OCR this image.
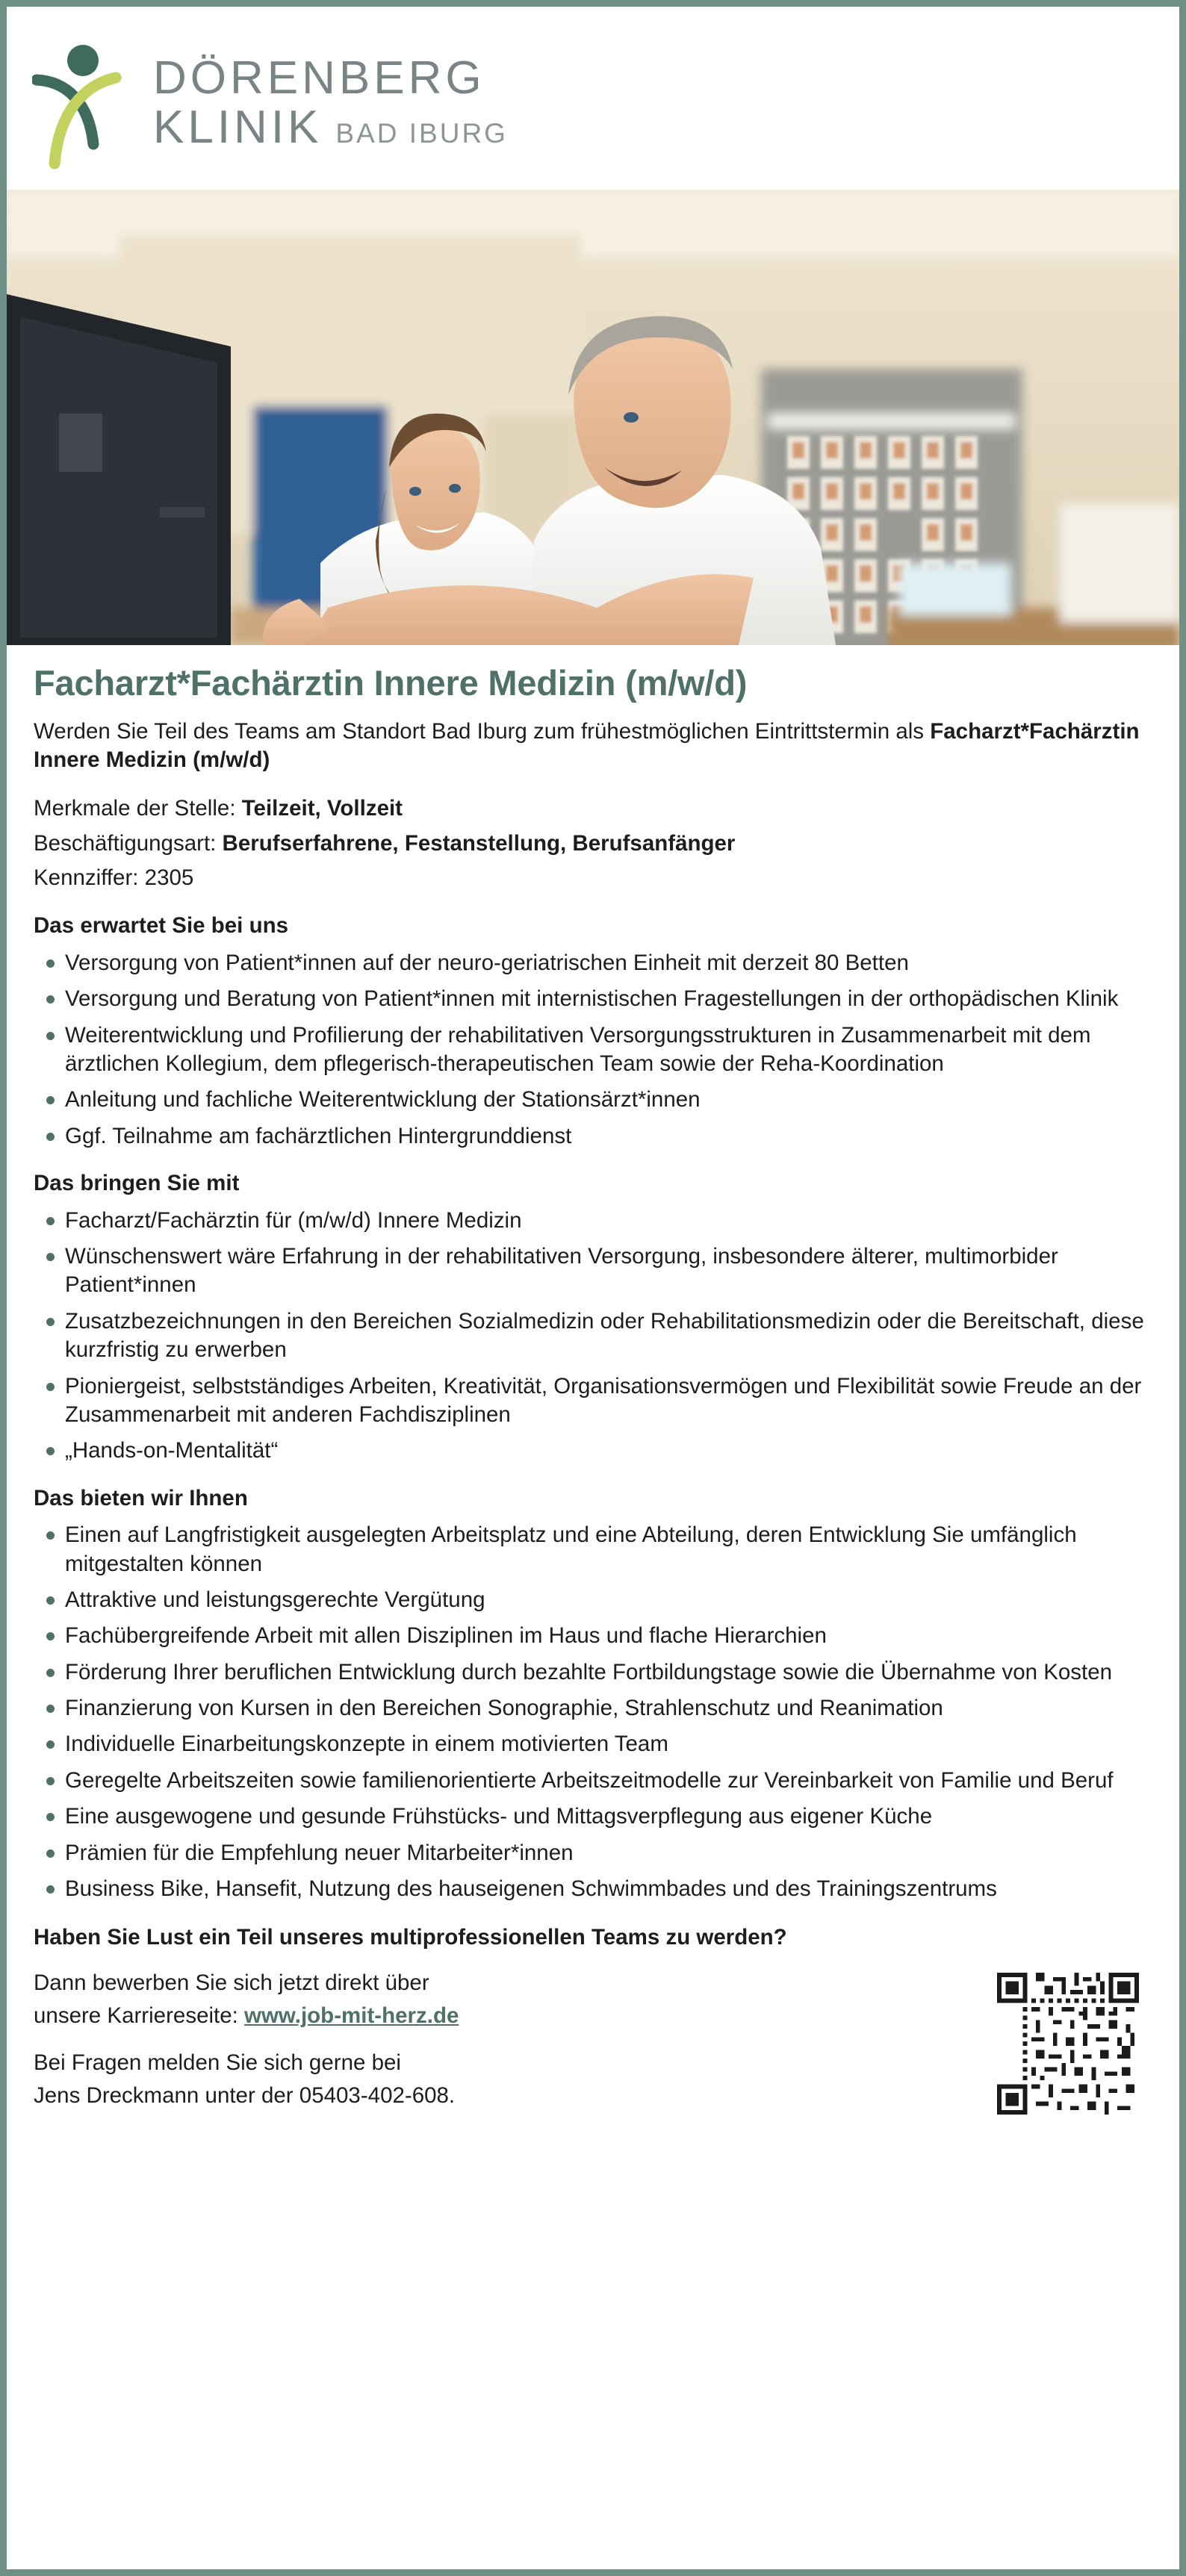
DÖRENBERG
KLINIK BAD IBURG
Facharzt*Fachärztin Innere Medizin (m/w/d)

Werden Sie Teil des Teams am Standort Bad Iburg zum frühestmöglichen Eintrittstermin als Facharzt*Fachärztin Innere Medizin (m/w/d)

Merkmale der Stelle: Teilzeit, Vollzeit

Beschäftigungsart: Berufserfahrene, Festanstellung, Berufsanfänger

Kennziffer: 2305

Das erwartet Sie bei uns
Versorgung von Patient*innen auf der neuro-geriatrischen Einheit mit derzeit 80 Betten
Versorgung und Beratung von Patient*innen mit internistischen Fragestellungen in der orthopädischen Klinik
Weiterentwicklung und Profilierung der rehabilitativen Versorgungsstrukturen in Zusammenarbeit mit dem ärztlichen Kollegium, dem pflegerisch-therapeutischen Team sowie der Reha-Koordination
Anleitung und fachliche Weiterentwicklung der Stationsärzt*innen
Ggf. Teilnahme am fachärztlichen Hintergrunddienst
Das bringen Sie mit
Facharzt/Fachärztin für (m/w/d) Innere Medizin
Wünschenswert wäre Erfahrung in der rehabilitativen Versorgung, insbesondere älterer, multimorbider Patient*innen
Zusatzbezeichnungen in den Bereichen Sozialmedizin oder Rehabilitationsmedizin oder die Bereitschaft, diese kurzfristig zu erwerben
Pioniergeist, selbstständiges Arbeiten, Kreativität, Organisationsvermögen und Flexibilität sowie Freude an der Zusammenarbeit mit anderen Fachdisziplinen
„Hands-on-Mentalität“
Das bieten wir Ihnen
Einen auf Langfristigkeit ausgelegten Arbeitsplatz und eine Abteilung, deren Entwicklung Sie umfänglich mitgestalten können
Attraktive und leistungsgerechte Vergütung
Fachübergreifende Arbeit mit allen Disziplinen im Haus und flache Hierarchien
Förderung Ihrer beruflichen Entwicklung durch bezahlte Fortbildungstage sowie die Übernahme von Kosten
Finanzierung von Kursen in den Bereichen Sonographie, Strahlenschutz und Reanimation
Individuelle Einarbeitungskonzepte in einem motivierten Team
Geregelte Arbeitszeiten sowie familienorientierte Arbeitszeitmodelle zur Vereinbarkeit von Familie und Beruf
Eine ausgewogene und gesunde Frühstücks- und Mittagsverpflegung aus eigener Küche
Prämien für die Empfehlung neuer Mitarbeiter*innen
Business Bike, Hansefit, Nutzung des hauseigenen Schwimmbades und des Trainingszentrums
Haben Sie Lust ein Teil unseres multiprofessionellen Teams zu werden?

Dann bewerben Sie sich jetzt direkt über

unsere Karriereseite: www.job-mit-herz.de

Bei Fragen melden Sie sich gerne bei

Jens Dreckmann unter der 05403-402-608.
